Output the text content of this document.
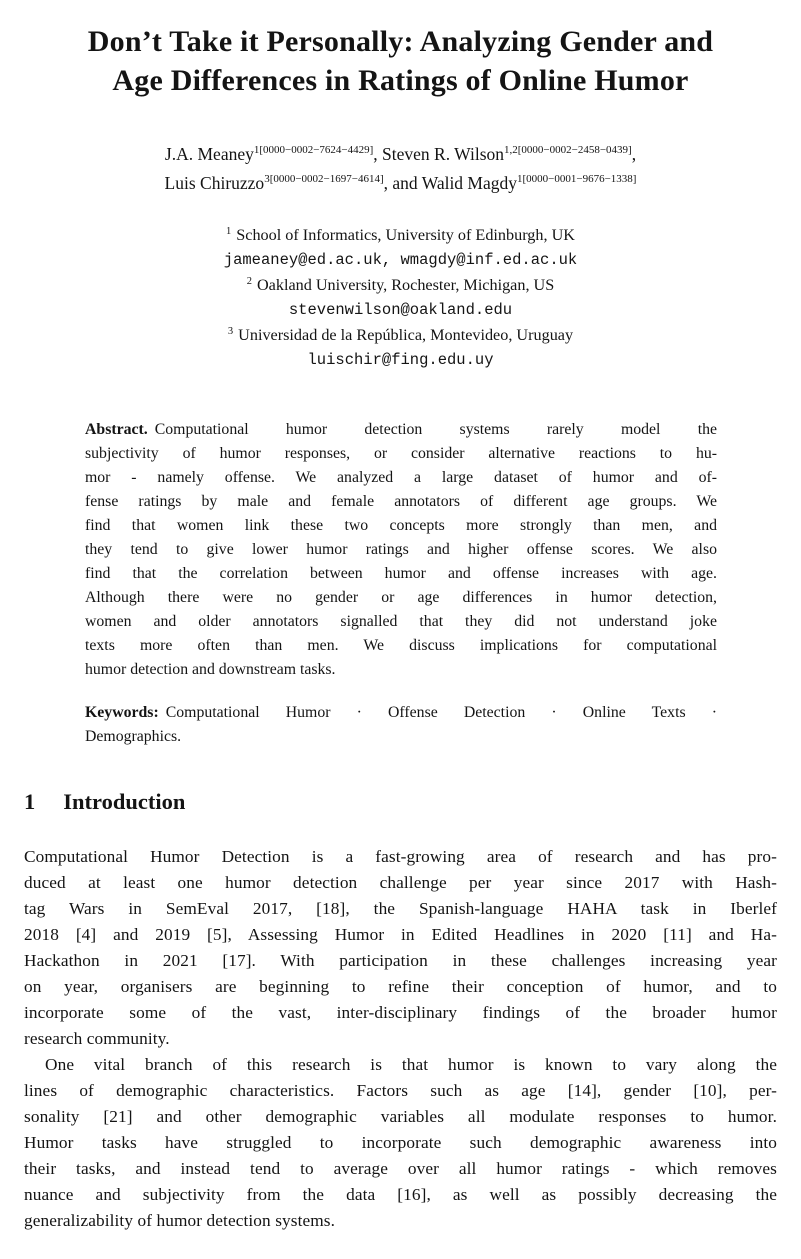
Don’t Take it Personally: Analyzing Gender and
Age Differences in Ratings of Online Humor
J.A. Meaney$^{1[0000-0002-7624-4429]}$, Steven R. Wilson$^{1,2[0000-0002-2458-0439]}$,
Luis Chiruzzo$^{3[0000-0002-1697-4614]}$, and Walid Magdy$^{1[0000-0001-9676-1338]}$
$^1$ School of Informatics, University of Edinburgh, UK
jameaney@ed.ac.uk, wmagdy@inf.ed.ac.uk
$^2$ Oakland University, Rochester, Michigan, US
stevenwilson@oakland.edu
$^3$ Universidad de la República, Montevideo, Uruguay
luischir@fing.edu.uy
Abstract. Computational humor detection systems rarely model the
subjectivity of humor responses, or consider alternative reactions to hu-
mor - namely offense. We analyzed a large dataset of humor and of-
fense ratings by male and female annotators of different age groups. We
find that women link these two concepts more strongly than men, and
they tend to give lower humor ratings and higher offense scores. We also
find that the correlation between humor and offense increases with age.
Although there were no gender or age differences in humor detection,
women and older annotators signalled that they did not understand joke
texts more often than men. We discuss implications for computational
humor detection and downstream tasks.
Keywords: Computational Humor · Offense Detection · Online Texts ·
Demographics.
1 Introduction
Computational Humor Detection is a fast-growing area of research and has pro-
duced at least one humor detection challenge per year since 2017 with Hash-
tag Wars in SemEval 2017, [18], the Spanish-language HAHA task in Iberlef
2018 [4] and 2019 [5], Assessing Humor in Edited Headlines in 2020 [11] and Ha-
Hackathon in 2021 [17]. With participation in these challenges increasing year
on year, organisers are beginning to refine their conception of humor, and to
incorporate some of the vast, inter-disciplinary findings of the broader humor
research community.
One vital branch of this research is that humor is known to vary along the
lines of demographic characteristics. Factors such as age [14], gender [10], per-
sonality [21] and other demographic variables all modulate responses to humor.
Humor tasks have struggled to incorporate such demographic awareness into
their tasks, and instead tend to average over all humor ratings - which removes
nuance and subjectivity from the data [16], as well as possibly decreasing the
generalizability of humor detection systems.
